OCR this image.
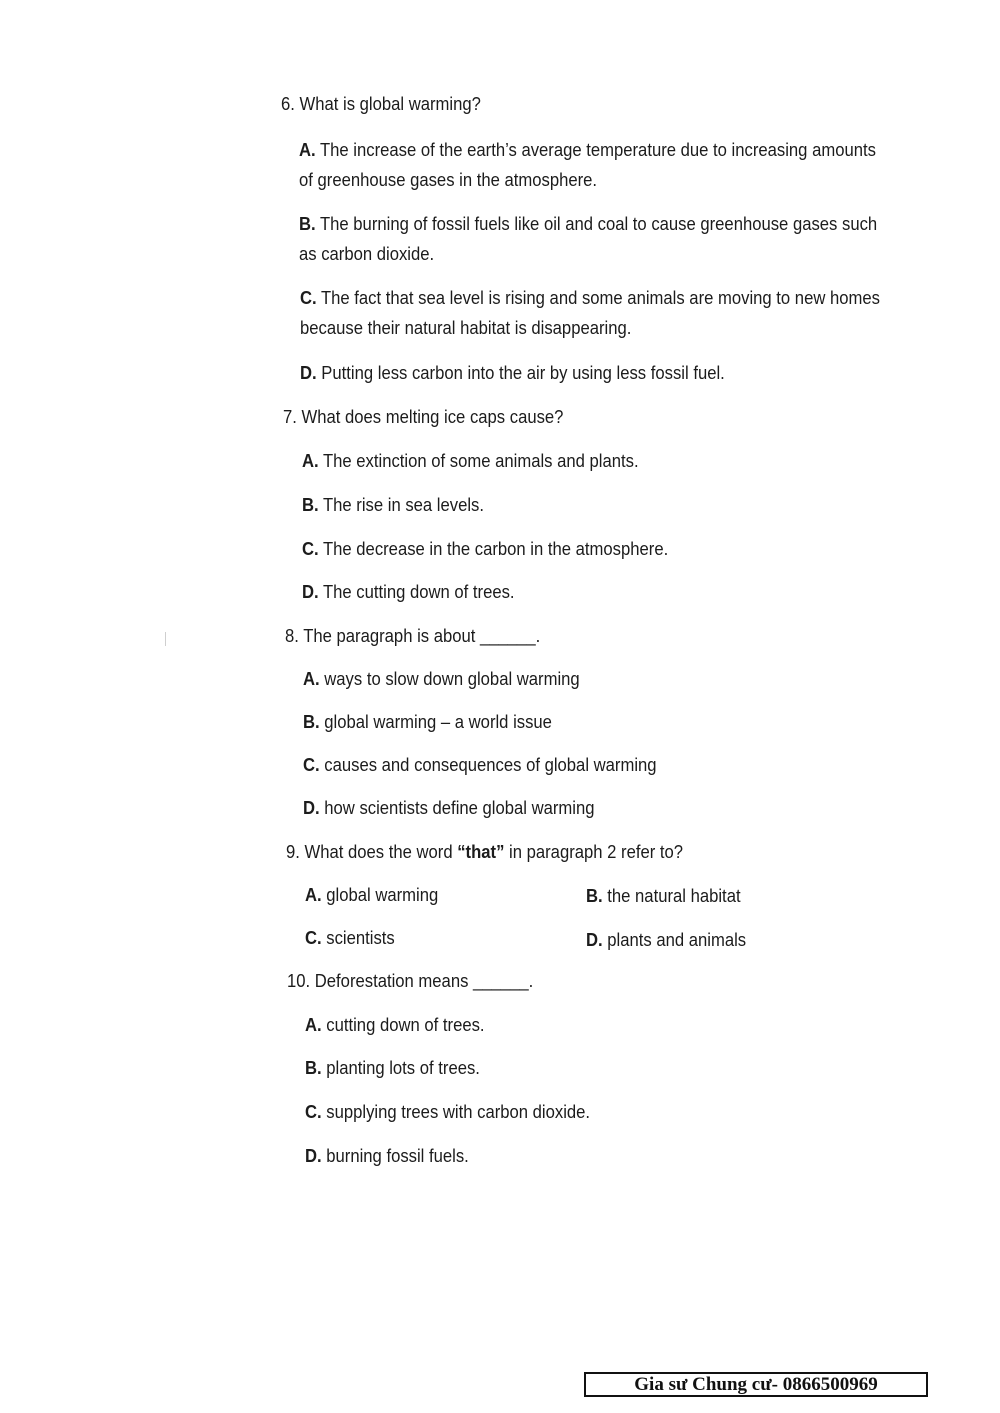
6. What is global warming?
A. The increase of the earth’s average temperature due to increasing amounts
of greenhouse gases in the atmosphere.
B. The burning of fossil fuels like oil and coal to cause greenhouse gases such
as carbon dioxide.
C. The fact that sea level is rising and some animals are moving to new homes
because their natural habitat is disappearing.
D. Putting less carbon into the air by using less fossil fuel.
7. What does melting ice caps cause?
A. The extinction of some animals and plants.
B. The rise in sea levels.
C. The decrease in the carbon in the atmosphere.
D. The cutting down of trees.
8. The paragraph is about ______.
A. ways to slow down global warming
B. global warming – a world issue
C. causes and consequences of global warming
D. how scientists define global warming
9. What does the word “that” in paragraph 2 refer to?
A. global warming	B. the natural habitat
C. scientists	D. plants and animals
10. Deforestation means ______.
A. cutting down of trees.
B. planting lots of trees.
C. supplying trees with carbon dioxide.
D. burning fossil fuels.
Gia sư Chung cư- 0866500969
